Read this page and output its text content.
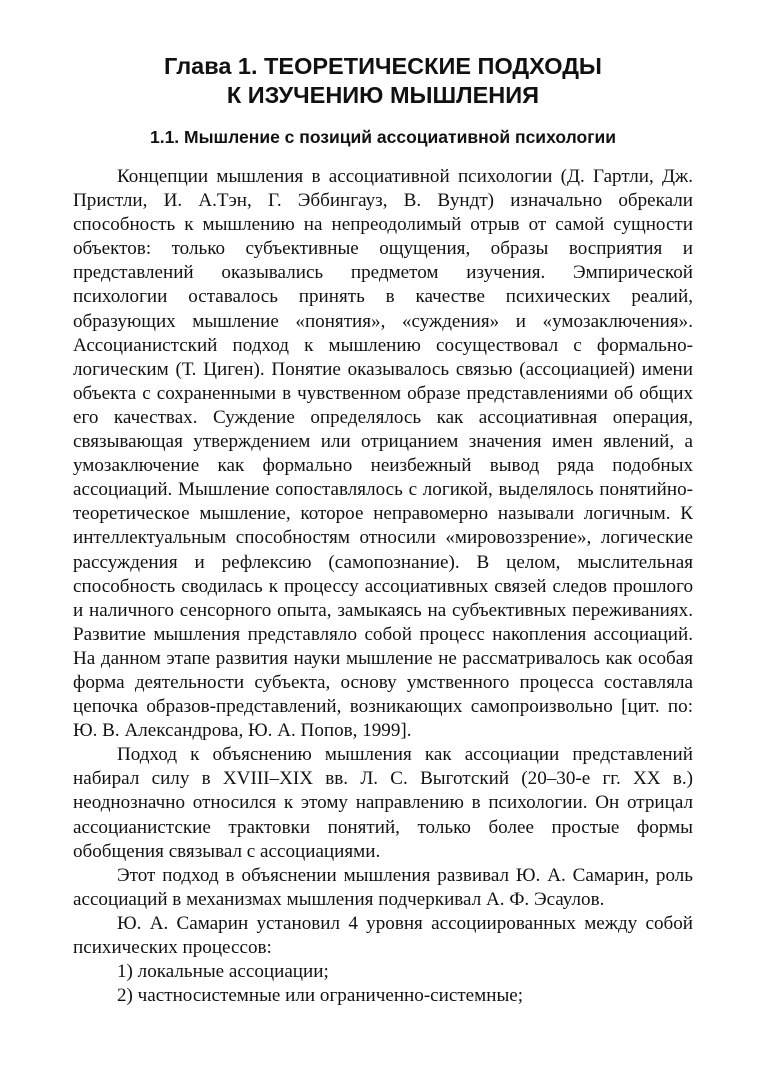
Глава 1. ТЕОРЕТИЧЕСКИЕ ПОДХОДЫ
К ИЗУЧЕНИЮ МЫШЛЕНИЯ
1.1. Мышление с позиций ассоциативной психологии

Концепции мышления в ассоциативной психологии (Д. Гартли, Дж. Пристли, И. А.Тэн, Г. Эббингауз, В. Вундт) изначально обрекали способность к мышлению на непреодолимый отрыв от самой сущности объектов: только субъективные ощущения, образы восприятия и представлений оказывались предметом изучения. Эмпирической психологии оставалось принять в качестве психических реалий, образующих мышление «понятия», «суждения» и «умозаключения». Ассоцианистский подход к мышлению сосуществовал с формально-логическим (Т. Циген). Понятие оказывалось связью (ассоциацией) имени объекта с сохраненными в чувственном образе представлениями об общих его качествах. Суждение определялось как ассоциативная операция, связывающая утверждением или отрицанием значения имен явлений, а умозаключение как формально неизбежный вывод ряда подобных ассоциаций. Мышление сопоставлялось с логикой, выделялось понятийно-теоретическое мышление, которое неправомерно называли логичным. К интеллектуальным способностям относили «мировоззрение», логические рассуждения и рефлексию (самопознание). В целом, мыслительная способность сводилась к процессу ассоциативных связей следов прошлого и наличного сенсорного опыта, замыкаясь на субъективных переживаниях. Развитие мышления представляло собой процесс накопления ассоциаций. На данном этапе развития науки мышление не рассматривалось как особая форма деятельности субъекта, основу умственного процесса составляла цепочка образов-представлений, возникающих самопроизвольно [цит. по: Ю. В. Александрова, Ю. А. Попов, 1999].

Подход к объяснению мышления как ассоциации представлений набирал силу в XVIII–XIX вв. Л. С. Выготский (20–30-е гг. XX в.) неоднозначно относился к этому направлению в психологии. Он отрицал ассоцианистские трактовки понятий, только более простые формы обобщения связывал с ассоциациями.

Этот подход в объяснении мышления развивал Ю. А. Самарин, роль ассоциаций в механизмах мышления подчеркивал А. Ф. Эсаулов.

Ю. А. Самарин установил 4 уровня ассоциированных между собой психических процессов:

1) локальные ассоциации;

2) частносистемные или ограниченно-системные;
